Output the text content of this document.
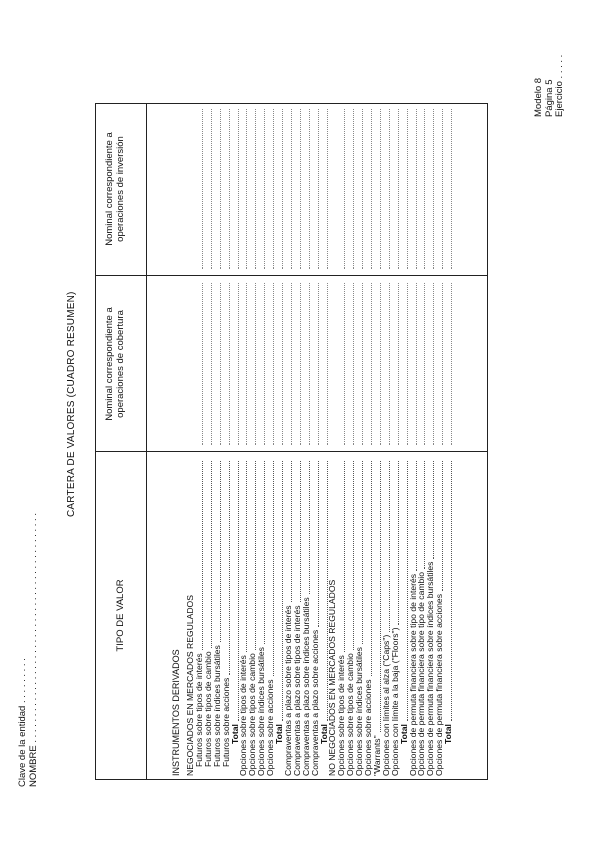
Clave de la entidad . . . . . . . . .
NOMBRE . . . . . . . . . . . . . . . . . . . . . . . . . . . . . . . . . . . . . . . . . . . .
Modelo 8 Página 5 Ejercicio . . . . .
CARTERA DE VALORES (CUADRO RESUMEN)
TIPO DE VALOR
Nominal correspondiente a operaciones de cobertura
Nominal correspondiente a operaciones de inversión
INSTRUMENTOS DERIVADOS NEGOCIADOS EN MERCADOS REGULADOS
Futuros sobre tipos de interés
Futuros sobre tipos de cambio
Futuros sobre índices bursátiles
Futuros sobre acciones
Total
Opciones sobre tipos de interés
Opciones sobre tipos de cambio
Opciones sobre índices bursátiles
Opciones sobre acciones
Total
Compraventas a plazo sobre tipos de interés
Compraventas a plazo sobre tipos de interés
Compraventas a plazo sobre índices bursátiles
Compraventas a plazo sobre acciones
Total
NO NEGOCIADOS EN MERCADOS REGULADOS
Opciones sobre tipos de interés
Opciones sobre tipos de cambio
Opciones sobre índices bursátiles
Opciones sobre acciones
"Warrants"
Opciones con límites al alza ("Caps")
Opciones con límite a la baja ("Floors")
Total
Opciones de permuta financiera sobre tipo de interés
Opciones de permuta financiera sobre tipo de cambio
Opciones de permuta financiera sobre índices bursátiles
Opciones de permuta financiera sobre acciones
Total
